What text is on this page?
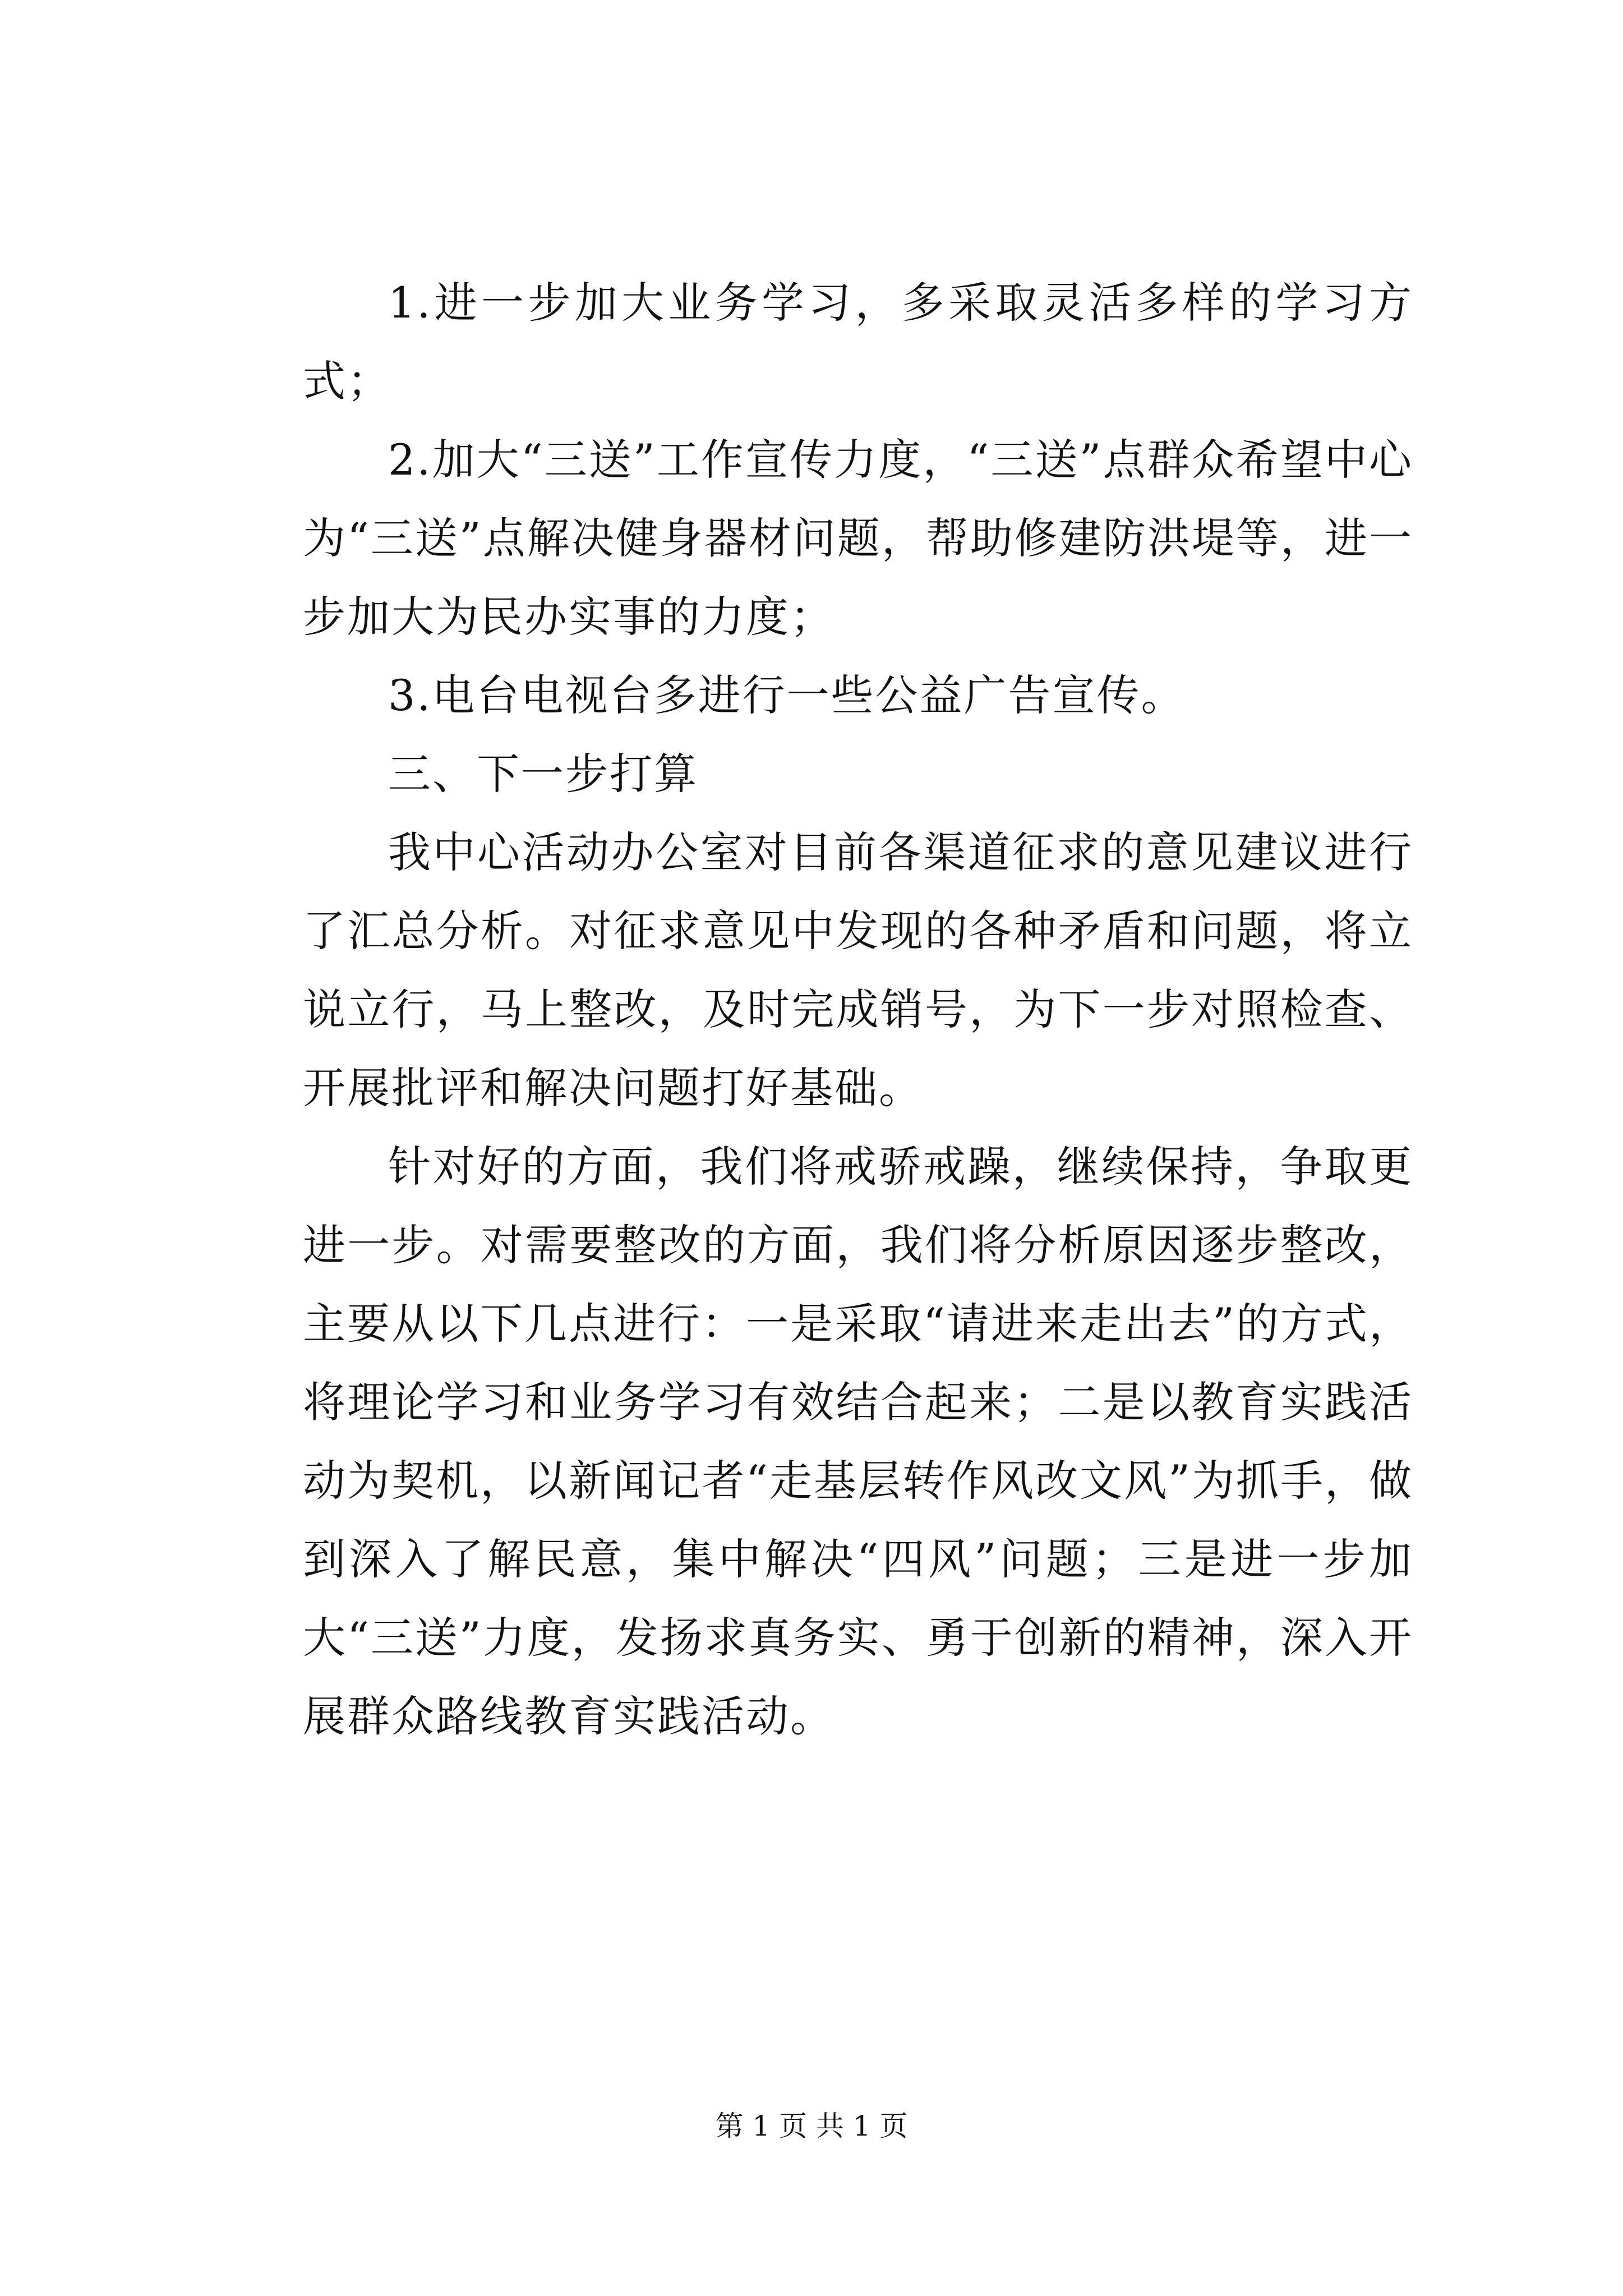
1.进一步加大业务学习，多采取灵活多样的学习方式；

2.加大“三送”工作宣传力度，“三送”点群众希望中心为“三送”点解决健身器材问题，帮助修建防洪堤等，进一步加大为民办实事的力度；

3.电台电视台多进行一些公益广告宣传。

三、下一步打算

我中心活动办公室对目前各渠道征求的意见建议进行了汇总分析。对征求意见中发现的各种矛盾和问题，将立说立行，马上整改，及时完成销号，为下一步对照检查、开展批评和解决问题打好基础。

针对好的方面，我们将戒骄戒躁，继续保持，争取更进一步。对需要整改的方面，我们将分析原因逐步整改，主要从以下几点进行：一是采取“请进来走出去”的方式，将理论学习和业务学习有效结合起来；二是以教育实践活动为契机，以新闻记者“走基层转作风改文风”为抓手，做到深入了解民意，集中解决“四风”问题；三是进一步加大“三送”力度，发扬求真务实、勇于创新的精神，深入开展群众路线教育实践活动。

第 1 页 共 1 页
